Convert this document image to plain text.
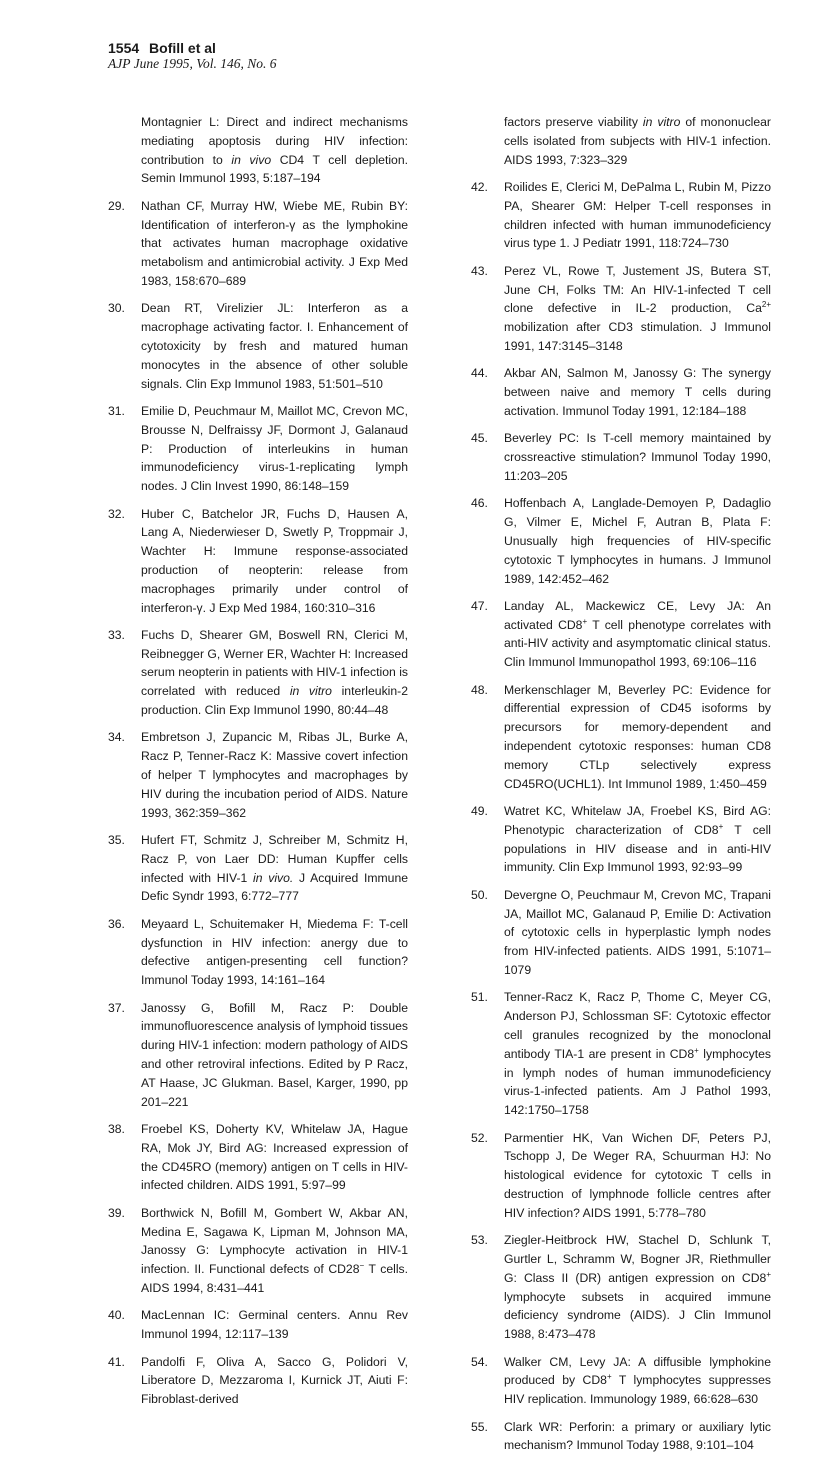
1554 Bofill et al
AJP June 1995, Vol. 146, No. 6
Montagnier L: Direct and indirect mechanisms mediating apoptosis during HIV infection: contribution to in vivo CD4 T cell depletion. Semin Immunol 1993, 5:187–194
29. Nathan CF, Murray HW, Wiebe ME, Rubin BY: Identification of interferon-γ as the lymphokine that activates human macrophage oxidative metabolism and antimicrobial activity. J Exp Med 1983, 158:670–689
30. Dean RT, Virelizier JL: Interferon as a macrophage activating factor. I. Enhancement of cytotoxicity by fresh and matured human monocytes in the absence of other soluble signals. Clin Exp Immunol 1983, 51:501–510
31. Emilie D, Peuchmaur M, Maillot MC, Crevon MC, Brousse N, Delfraissy JF, Dormont J, Galanaud P: Production of interleukins in human immunodeficiency virus-1-replicating lymph nodes. J Clin Invest 1990, 86:148–159
32. Huber C, Batchelor JR, Fuchs D, Hausen A, Lang A, Niederwieser D, Swetly P, Troppmair J, Wachter H: Immune response-associated production of neopterin: release from macrophages primarily under control of interferon-γ. J Exp Med 1984, 160:310–316
33. Fuchs D, Shearer GM, Boswell RN, Clerici M, Reibnegger G, Werner ER, Wachter H: Increased serum neopterin in patients with HIV-1 infection is correlated with reduced in vitro interleukin-2 production. Clin Exp Immunol 1990, 80:44–48
34. Embretson J, Zupancic M, Ribas JL, Burke A, Racz P, Tenner-Racz K: Massive covert infection of helper T lymphocytes and macrophages by HIV during the incubation period of AIDS. Nature 1993, 362:359–362
35. Hufert FT, Schmitz J, Schreiber M, Schmitz H, Racz P, von Laer DD: Human Kupffer cells infected with HIV-1 in vivo. J Acquired Immune Defic Syndr 1993, 6:772–777
36. Meyaard L, Schuitemaker H, Miedema F: T-cell dysfunction in HIV infection: anergy due to defective antigen-presenting cell function? Immunol Today 1993, 14:161–164
37. Janossy G, Bofill M, Racz P: Double immunofluorescence analysis of lymphoid tissues during HIV-1 infection: modern pathology of AIDS and other retroviral infections. Edited by P Racz, AT Haase, JC Glukman. Basel, Karger, 1990, pp 201–221
38. Froebel KS, Doherty KV, Whitelaw JA, Hague RA, Mok JY, Bird AG: Increased expression of the CD45RO (memory) antigen on T cells in HIV-infected children. AIDS 1991, 5:97–99
39. Borthwick N, Bofill M, Gombert W, Akbar AN, Medina E, Sagawa K, Lipman M, Johnson MA, Janossy G: Lymphocyte activation in HIV-1 infection. II. Functional defects of CD28− T cells. AIDS 1994, 8:431–441
40. MacLennan IC: Germinal centers. Annu Rev Immunol 1994, 12:117–139
41. Pandolfi F, Oliva A, Sacco G, Polidori V, Liberatore D, Mezzaroma I, Kurnick JT, Aiuti F: Fibroblast-derived
factors preserve viability in vitro of mononuclear cells isolated from subjects with HIV-1 infection. AIDS 1993, 7:323–329
42. Roilides E, Clerici M, DePalma L, Rubin M, Pizzo PA, Shearer GM: Helper T-cell responses in children infected with human immunodeficiency virus type 1. J Pediatr 1991, 118:724–730
43. Perez VL, Rowe T, Justement JS, Butera ST, June CH, Folks TM: An HIV-1-infected T cell clone defective in IL-2 production, $Ca^{2+}$ mobilization after CD3 stimulation. J Immunol 1991, 147:3145–3148
44. Akbar AN, Salmon M, Janossy G: The synergy between naive and memory T cells during activation. Immunol Today 1991, 12:184–188
45. Beverley PC: Is T-cell memory maintained by crossreactive stimulation? Immunol Today 1990, 11:203–205
46. Hoffenbach A, Langlade-Demoyen P, Dadaglio G, Vilmer E, Michel F, Autran B, Plata F: Unusually high frequencies of HIV-specific cytotoxic T lymphocytes in humans. J Immunol 1989, 142:452–462
47. Landay AL, Mackewicz CE, Levy JA: An activated CD8+ T cell phenotype correlates with anti-HIV activity and asymptomatic clinical status. Clin Immunol Immunopathol 1993, 69:106–116
48. Merkenschlager M, Beverley PC: Evidence for differential expression of CD45 isoforms by precursors for memory-dependent and independent cytotoxic responses: human CD8 memory CTLp selectively express CD45RO(UCHL1). Int Immunol 1989, 1:450–459
49. Watret KC, Whitelaw JA, Froebel KS, Bird AG: Phenotypic characterization of CD8+ T cell populations in HIV disease and in anti-HIV immunity. Clin Exp Immunol 1993, 92:93–99
50. Devergne O, Peuchmaur M, Crevon MC, Trapani JA, Maillot MC, Galanaud P, Emilie D: Activation of cytotoxic cells in hyperplastic lymph nodes from HIV-infected patients. AIDS 1991, 5:1071–1079
51. Tenner-Racz K, Racz P, Thome C, Meyer CG, Anderson PJ, Schlossman SF: Cytotoxic effector cell granules recognized by the monoclonal antibody TIA-1 are present in CD8+ lymphocytes in lymph nodes of human immunodeficiency virus-1-infected patients. Am J Pathol 1993, 142:1750–1758
52. Parmentier HK, Van Wichen DF, Peters PJ, Tschopp J, De Weger RA, Schuurman HJ: No histological evidence for cytotoxic T cells in destruction of lymphnode follicle centres after HIV infection? AIDS 1991, 5:778–780
53. Ziegler-Heitbrock HW, Stachel D, Schlunk T, Gurtler L, Schramm W, Bogner JR, Riethmuller G: Class II (DR) antigen expression on CD8+ lymphocyte subsets in acquired immune deficiency syndrome (AIDS). J Clin Immunol 1988, 8:473–478
54. Walker CM, Levy JA: A diffusible lymphokine produced by CD8+ T lymphocytes suppresses HIV replication. Immunology 1989, 66:628–630
55. Clark WR: Perforin: a primary or auxiliary lytic mechanism? Immunol Today 1988, 9:101–104
